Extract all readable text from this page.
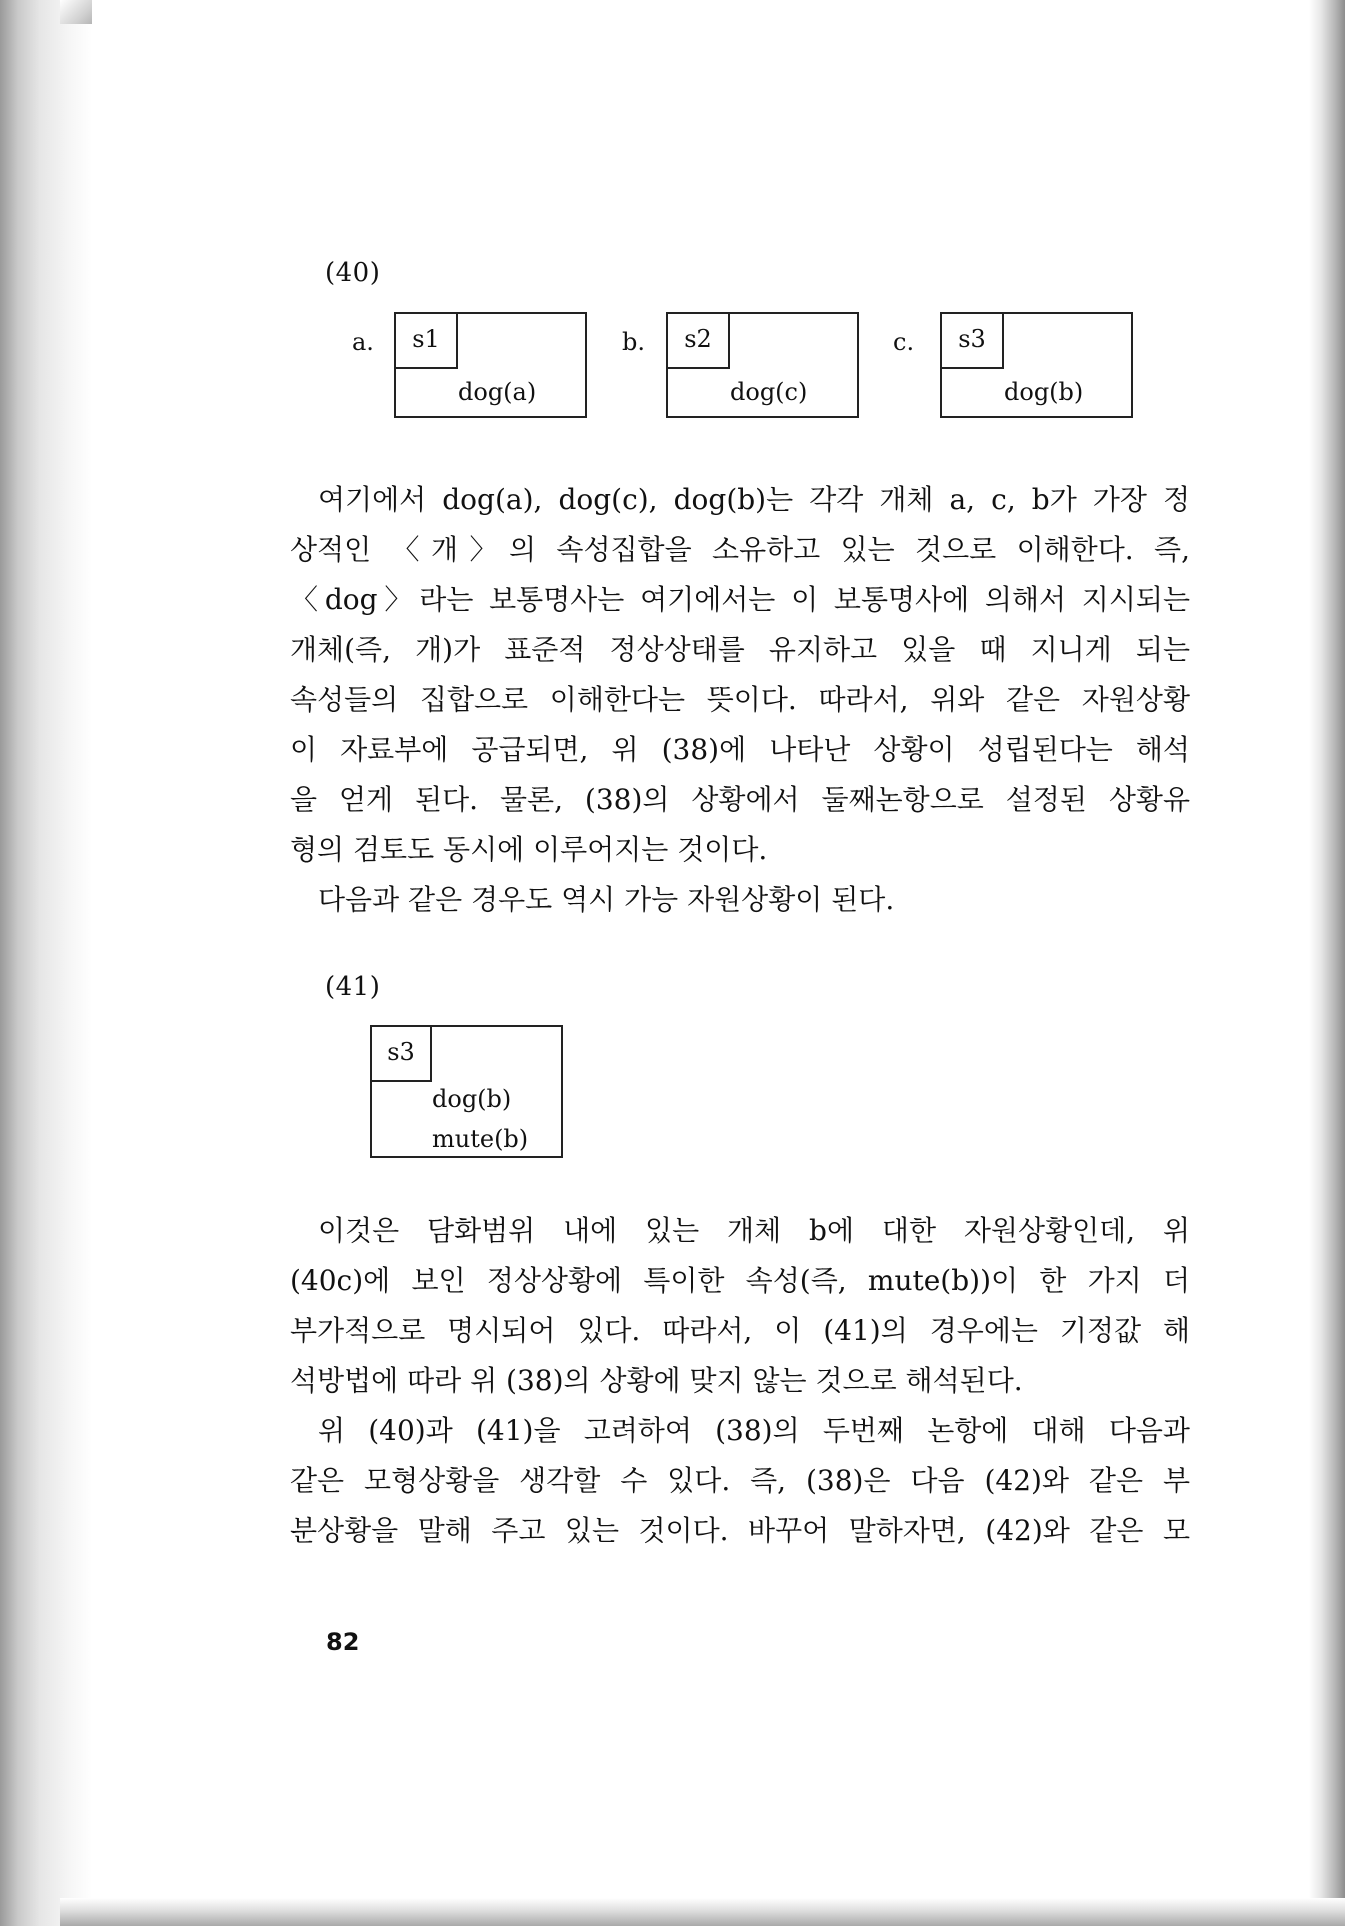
(40)
a.	s1
dog(a)
b.	s2
dog(c)
c.	s3
dog(b)
여기에서 dog(a), dog(c), dog(b)는 각각 개체 a, c, b가 가장 정
상적인 〈개〉의 속성집합을 소유하고 있는 것으로 이해한다. 즉,
〈dog〉라는 보통명사는 여기에서는 이 보통명사에 의해서 지시되는
개체(즉, 개)가 표준적 정상상태를 유지하고 있을 때 지니게 되는
속성들의 집합으로 이해한다는 뜻이다. 따라서, 위와 같은 자원상황
이 자료부에 공급되면, 위 (38)에 나타난 상황이 성립된다는 해석
을 얻게 된다. 물론, (38)의 상황에서 둘째논항으로 설정된 상황유
형의 검토도 동시에 이루어지는 것이다.
다음과 같은 경우도 역시 가능 자원상황이 된다.
(41)
s3
dog(b)
mute(b)
이것은 담화범위 내에 있는 개체 b에 대한 자원상황인데, 위
(40c)에 보인 정상상황에 특이한 속성(즉, mute(b))이 한 가지 더
부가적으로 명시되어 있다. 따라서, 이 (41)의 경우에는 기정값 해
석방법에 따라 위 (38)의 상황에 맞지 않는 것으로 해석된다.
위 (40)과 (41)을 고려하여 (38)의 두번째 논항에 대해 다음과
같은 모형상황을 생각할 수 있다. 즉, (38)은 다음 (42)와 같은 부
분상황을 말해 주고 있는 것이다. 바꾸어 말하자면, (42)와 같은 모
82
